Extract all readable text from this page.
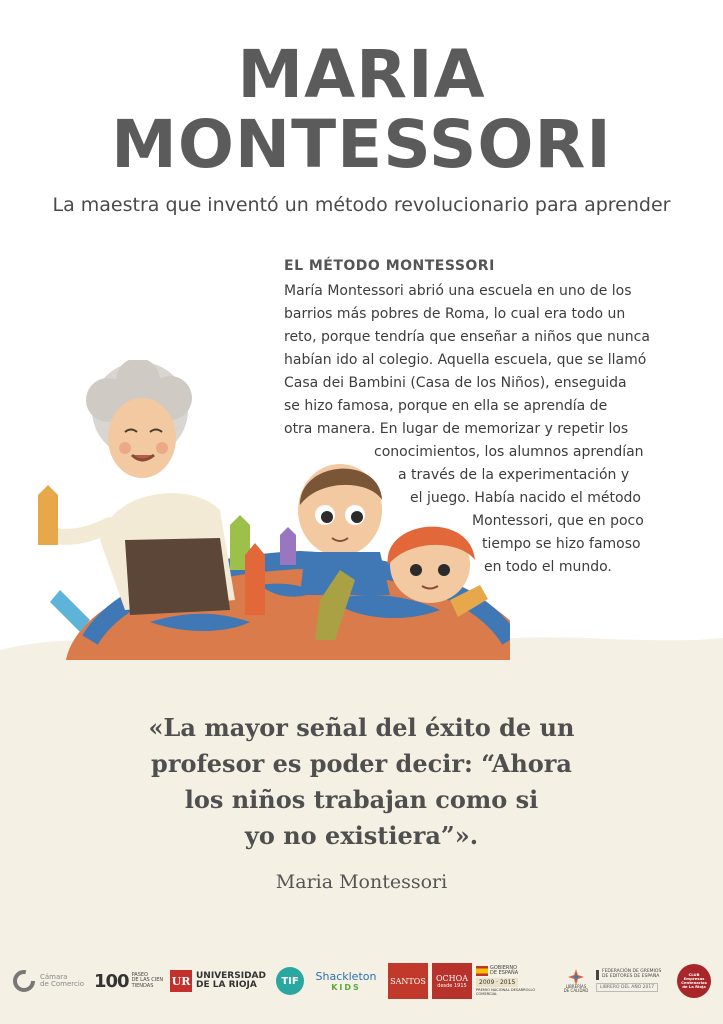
MARIA
MONTESSORI
La maestra que inventó un método revolucionario para aprender
EL MÉTODO MONTESSORI
María Montessori abrió una escuela en uno de los
barrios más pobres de Roma, lo cual era todo un
reto, porque tendría que enseñar a niños que nunca
habían ido al colegio. Aquella escuela, que se llamó
Casa dei Bambini (Casa de los Niños), enseguida
se hizo famosa, porque en ella se aprendía de
otra manera. En lugar de memorizar y repetir los
conocimientos, los alumnos aprendían
a través de la experimentación y
el juego. Había nacido el método
Montessori, que en poco
tiempo se hizo famoso
en todo el mundo.
«La mayor señal del éxito de un
profesor es poder decir: “Ahora
los niños trabajan como si
yo no existiera”».
Maria Montessori
Cámara
de Comercio 100 PASEO
DE LAS CIEN
TIENDAS	UR UNIVERSIDAD
DE LA RIOJA	TIF	Shackleton
KIDS
SANTOS OCHOA
desde 1915
GOBIERNO
DE ESPAÑA
2009 · 2015
PREMIO NACIONAL DESARROLLO COMERCIAL
LIBRERÍAS
DE CALIDAD
FEDERACIÓN DE GREMIOS
DE EDITORES DE ESPAÑA
LIBRERO DEL AÑO 2017
CLUB
Empresas
Centenarias
de La Rioja
